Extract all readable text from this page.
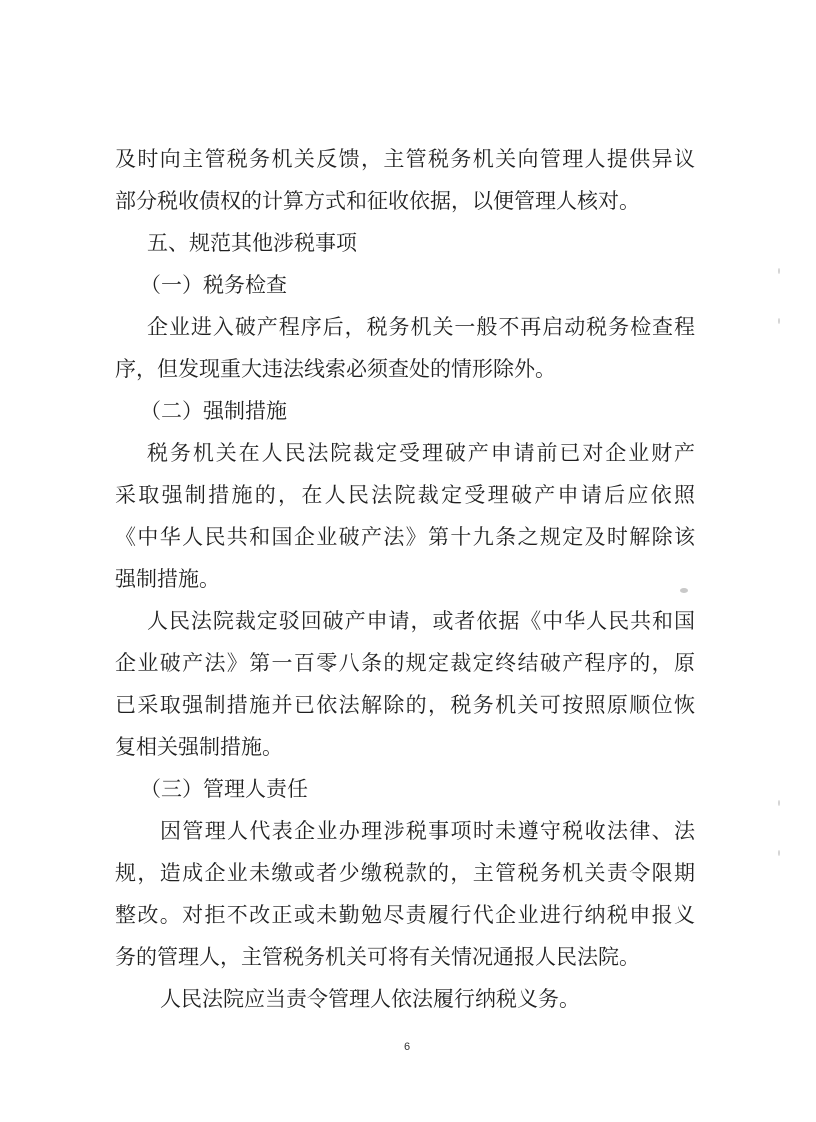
及时向主管税务机关反馈，主管税务机关向管理人提供异议
部分税收债权的计算方式和征收依据，以便管理人核对。
五、规范其他涉税事项
（一）税务检查
企业进入破产程序后，税务机关一般不再启动税务检查程
序，但发现重大违法线索必须查处的情形除外。
（二）强制措施
税务机关在人民法院裁定受理破产申请前已对企业财产
采取强制措施的，在人民法院裁定受理破产申请后应依照
《中华人民共和国企业破产法》第十九条之规定及时解除该
强制措施。
人民法院裁定驳回破产申请，或者依据《中华人民共和国
企业破产法》第一百零八条的规定裁定终结破产程序的，原
已采取强制措施并已依法解除的，税务机关可按照原顺位恢
复相关强制措施。
（三）管理人责任
因管理人代表企业办理涉税事项时未遵守税收法律、法
规，造成企业未缴或者少缴税款的，主管税务机关责令限期
整改。对拒不改正或未勤勉尽责履行代企业进行纳税申报义
务的管理人，主管税务机关可将有关情况通报人民法院。
人民法院应当责令管理人依法履行纳税义务。
6
